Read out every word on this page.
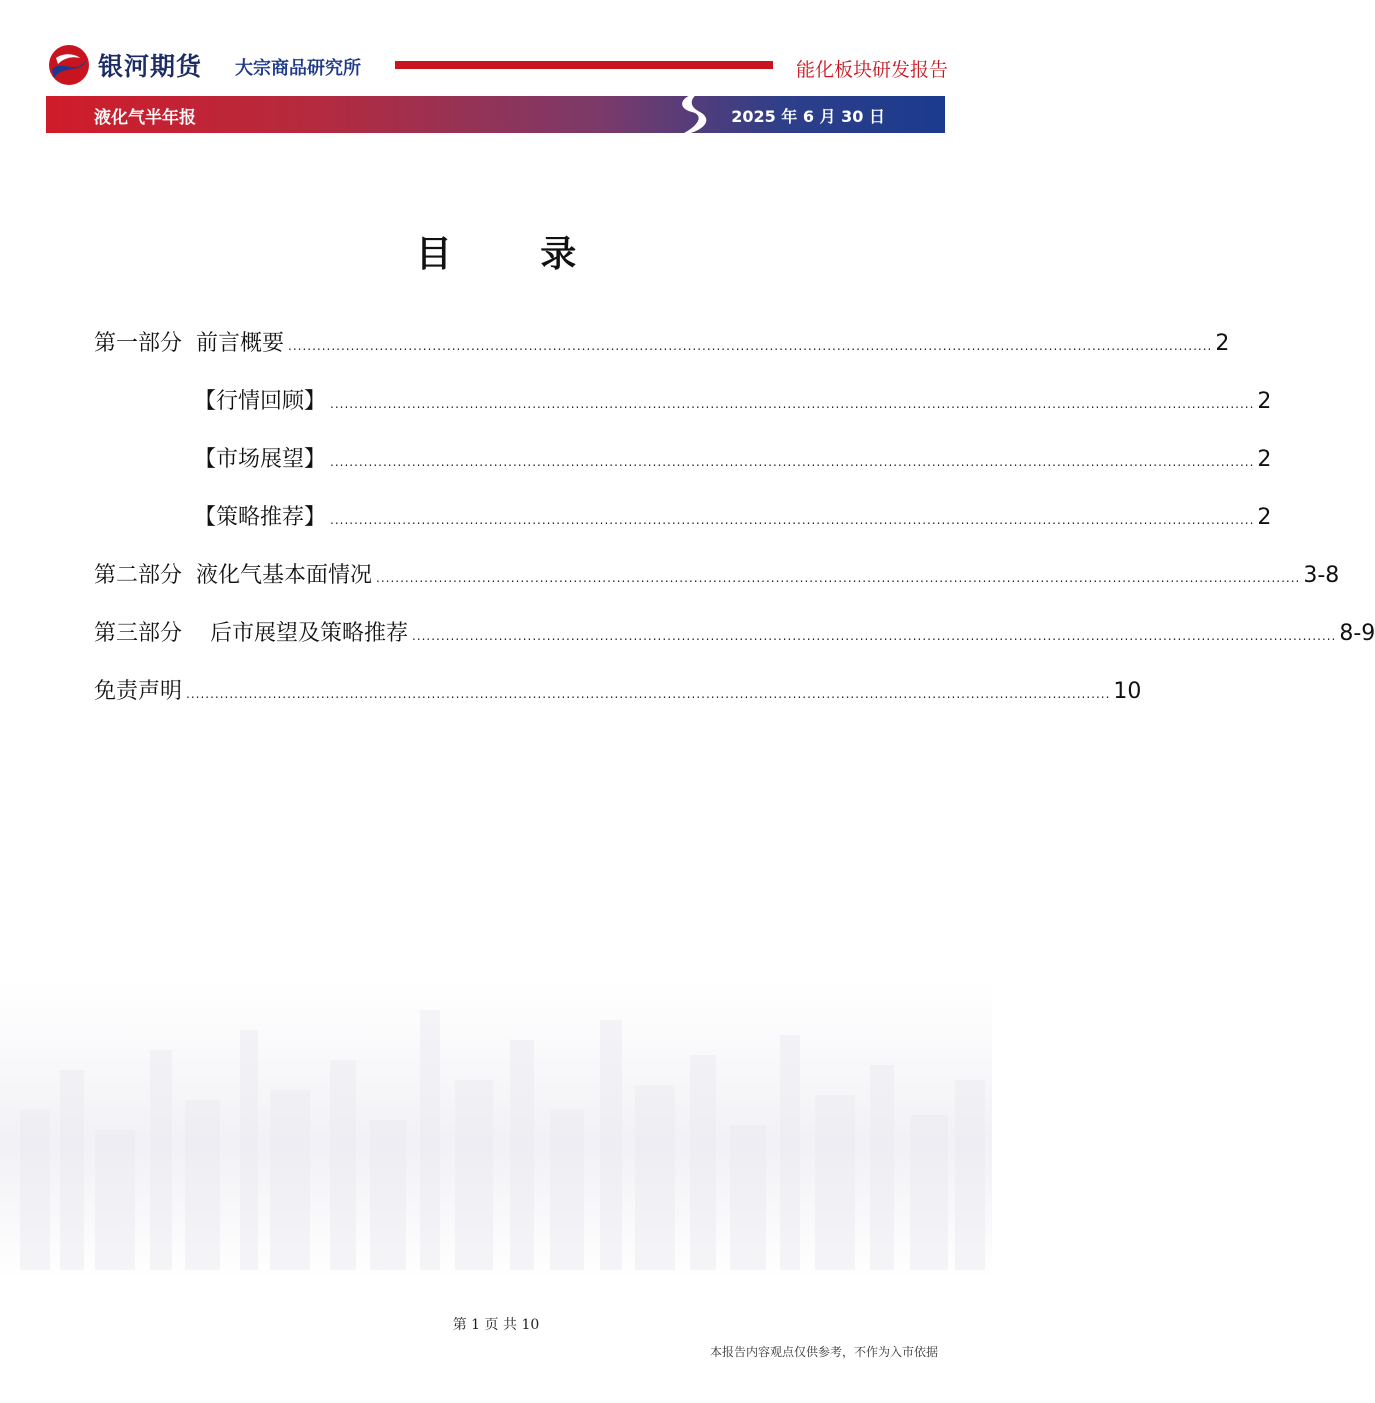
银河期货 大宗商品研究所	能化板块研发报告
液化气半年报	2025 年 6 月 30 日
目 录
第一部分  前言概要 ................................................................................................................................................................................................ 2
【行情回顾】 ................................................................................................................................................................................................ 2
【市场展望】 ................................................................................................................................................................................................ 2
【策略推荐】 ................................................................................................................................................................................................ 2
第二部分  液化气基本面情况 ................................................................................................................................................................................................ 3-8
第三部分    后市展望及策略推荐 ................................................................................................................................................................................................ 8-9
免责声明 ................................................................................................................................................................................................ 10
第 1 页 共 10
本报告内容观点仅供参考，不作为入市依据
